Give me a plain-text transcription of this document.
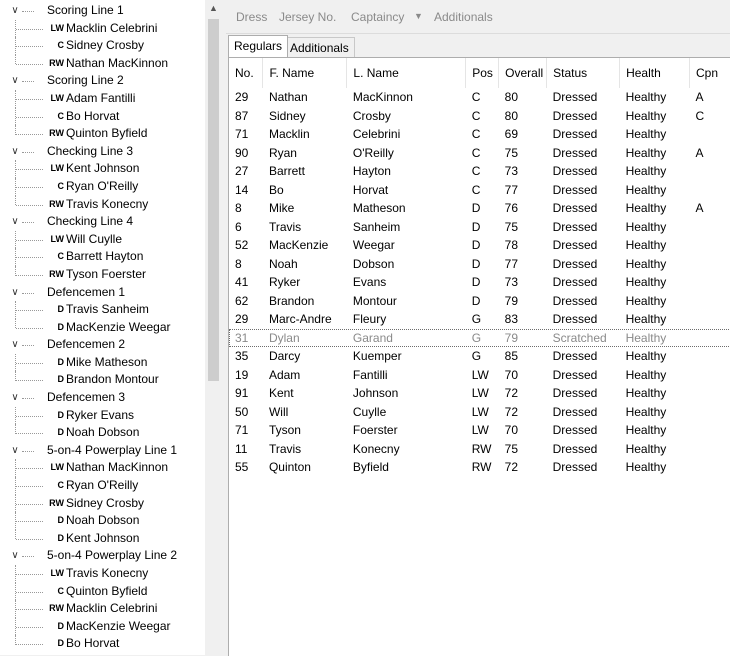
∨ Scoring Line 1
LW Macklin Celebrini
C Sidney Crosby
RW Nathan MacKinnon
∨ Scoring Line 2
LW Adam Fantilli
C Bo Horvat
RW Quinton Byfield
∨ Checking Line 3
LW Kent Johnson
C Ryan O'Reilly
RW Travis Konecny
∨ Checking Line 4
LW Will Cuylle
C Barrett Hayton
RW Tyson Foerster
∨ Defencemen 1
D Travis Sanheim
D MacKenzie Weegar
∨ Defencemen 2
D Mike Matheson
D Brandon Montour
∨ Defencemen 3
D Ryker Evans
D Noah Dobson
∨ 5-on-4 Powerplay Line 1
LW Nathan MacKinnon
C Ryan O'Reilly
RW Sidney Crosby
D Noah Dobson
D Kent Johnson
∨ 5-on-4 Powerplay Line 2
LW Travis Konecny
C Quinton Byfield
RW Macklin Celebrini
D MacKenzie Weegar
D Bo Horvat
▲
Dress Jersey No. Captaincy ▼ Additionals
Additionals
Regulars
No.	F. Name	L. Name	Pos	Overall	Status	Health	Cpn
29	Nathan	MacKinnon	C	80	Dressed	Healthy	A
87	Sidney	Crosby	C	80	Dressed	Healthy	C
71	Macklin	Celebrini	C	69	Dressed	Healthy	
90	Ryan	O'Reilly	C	75	Dressed	Healthy	A
27	Barrett	Hayton	C	73	Dressed	Healthy	
14	Bo	Horvat	C	77	Dressed	Healthy	
8	Mike	Matheson	D	76	Dressed	Healthy	A
6	Travis	Sanheim	D	75	Dressed	Healthy	
52	MacKenzie	Weegar	D	78	Dressed	Healthy	
8	Noah	Dobson	D	77	Dressed	Healthy	
41	Ryker	Evans	D	73	Dressed	Healthy	
62	Brandon	Montour	D	79	Dressed	Healthy	
29	Marc-Andre	Fleury	G	83	Dressed	Healthy	
31	Dylan	Garand	G	79	Scratched	Healthy	
35	Darcy	Kuemper	G	85	Dressed	Healthy	
19	Adam	Fantilli	LW	70	Dressed	Healthy	
91	Kent	Johnson	LW	72	Dressed	Healthy	
50	Will	Cuylle	LW	72	Dressed	Healthy	
71	Tyson	Foerster	LW	70	Dressed	Healthy	
11	Travis	Konecny	RW	75	Dressed	Healthy	
55	Quinton	Byfield	RW	72	Dressed	Healthy	
